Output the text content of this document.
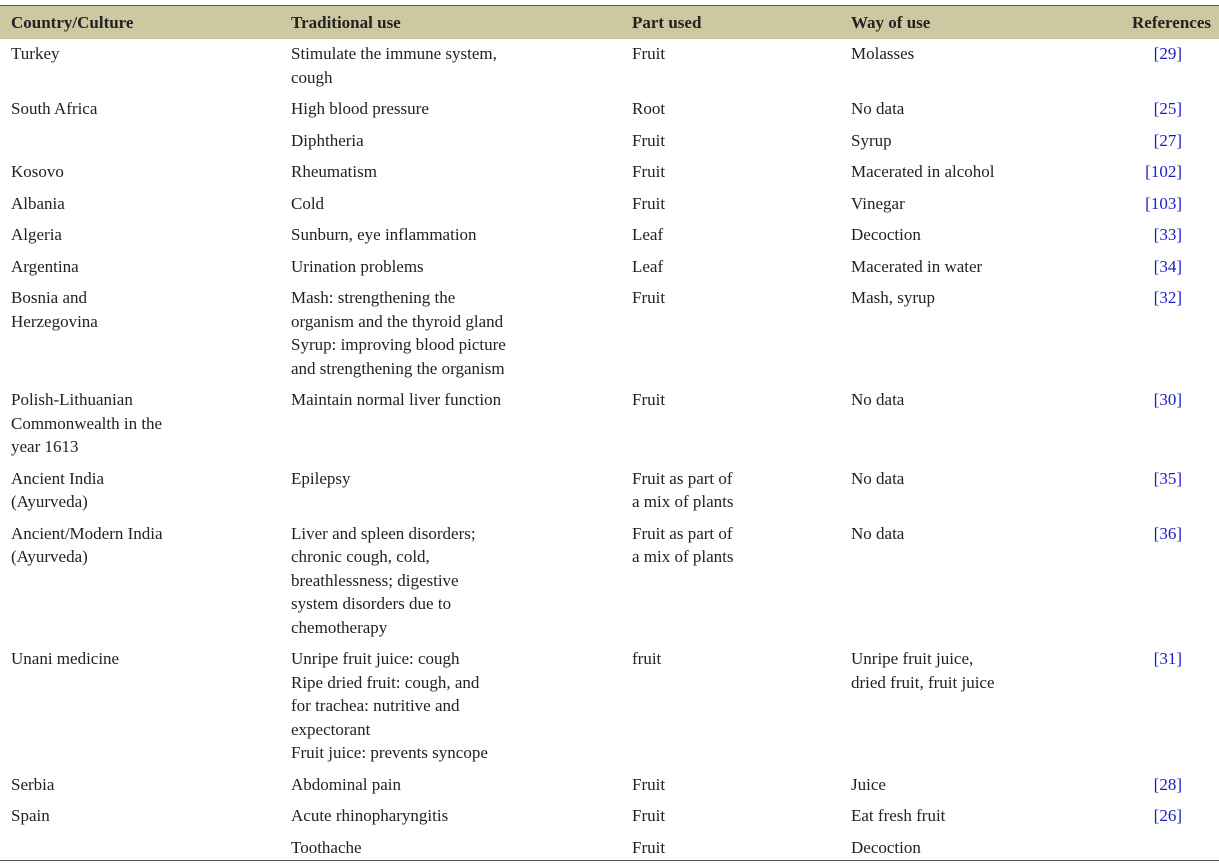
Country/Culture	Traditional use	Part used	Way of use	References

Turkey	Stimulate the immune system,
cough	Fruit	Molasses	[29]

South Africa	High blood pressure	Root	No data	[25]

	Diphtheria	Fruit	Syrup	[27]

Kosovo	Rheumatism	Fruit	Macerated in alcohol	[102]

Albania	Cold	Fruit	Vinegar	[103]

Algeria	Sunburn, eye inflammation	Leaf	Decoction	[33]

Argentina	Urination problems	Leaf	Macerated in water	[34]

Bosnia and
Herzegovina	Mash: strengthening the
organism and the thyroid gland
Syrup: improving blood picture
and strengthening the organism	Fruit	Mash, syrup	[32]

Polish-Lithuanian
Commonwealth in the
year 1613	Maintain normal liver function	Fruit	No data	[30]

Ancient India
(Ayurveda)	Epilepsy	Fruit as part of
a mix of plants	No data	[35]

Ancient/Modern India
(Ayurveda)	Liver and spleen disorders;
chronic cough, cold,
breathlessness; digestive
system disorders due to
chemotherapy	Fruit as part of
a mix of plants	No data	[36]

Unani medicine	Unripe fruit juice: cough
Ripe dried fruit: cough, and
for trachea: nutritive and
expectorant
Fruit juice: prevents syncope	fruit	Unripe fruit juice,
dried fruit, fruit juice	[31]

Serbia	Abdominal pain	Fruit	Juice	[28]

Spain	Acute rhinopharyngitis	Fruit	Eat fresh fruit	[26]

	Toothache	Fruit	Decoction	
